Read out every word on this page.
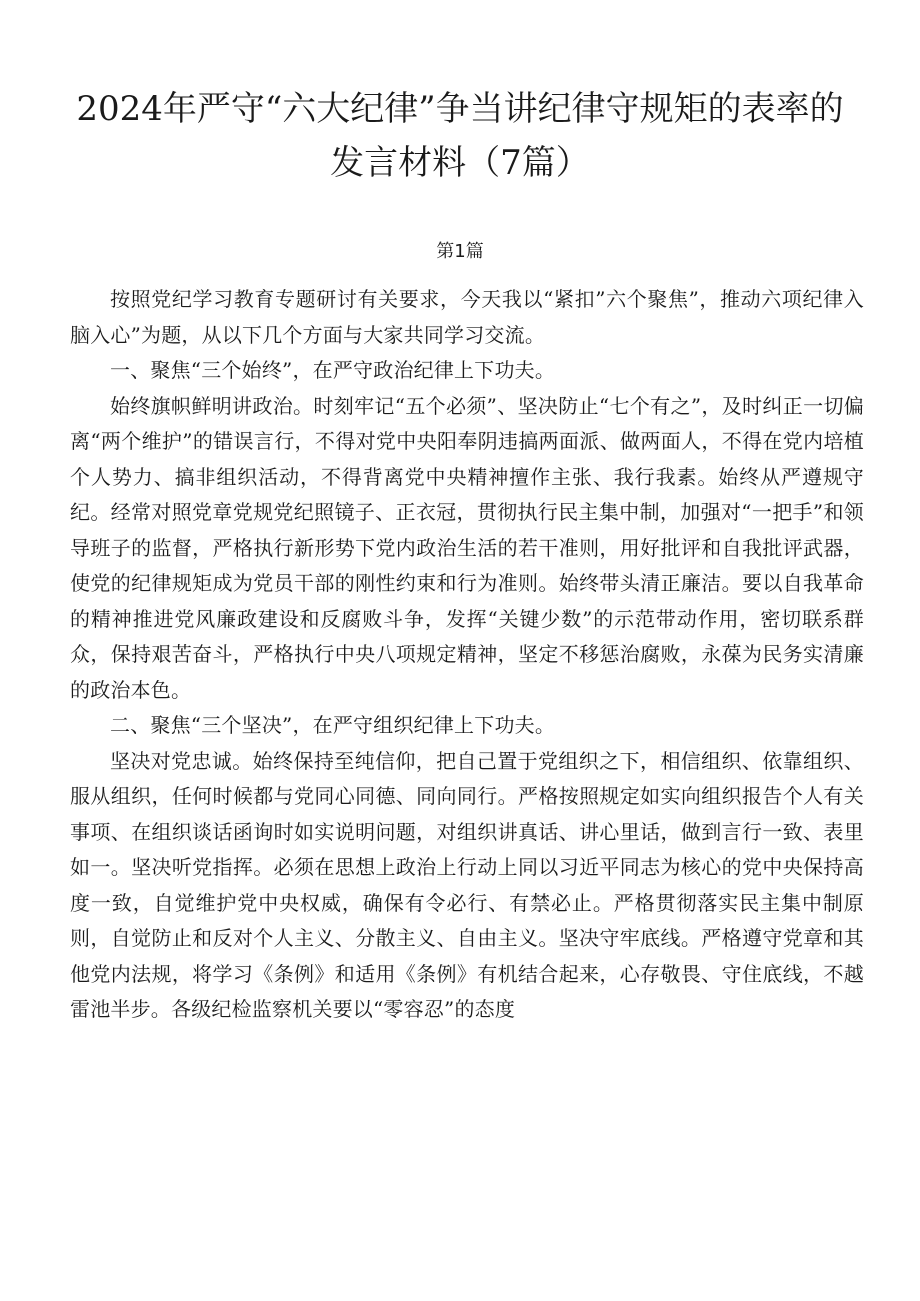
2024年严守“六大纪律”争当讲纪律守规矩的表率的发言材料（7篇）
第1篇

按照党纪学习教育专题研讨有关要求，今天我以“紧扣”六个聚焦”，推动六项纪律入脑入心”为题，从以下几个方面与大家共同学习交流。

一、聚焦“三个始终”，在严守政治纪律上下功夫。

始终旗帜鲜明讲政治。时刻牢记“五个必须”、坚决防止“七个有之”，及时纠正一切偏离“两个维护”的错误言行，不得对党中央阳奉阴违搞两面派、做两面人，不得在党内培植个人势力、搞非组织活动，不得背离党中央精神擅作主张、我行我素。始终从严遵规守纪。经常对照党章党规党纪照镜子、正衣冠，贯彻执行民主集中制，加强对“一把手”和领导班子的监督，严格执行新形势下党内政治生活的若干准则，用好批评和自我批评武器，使党的纪律规矩成为党员干部的刚性约束和行为准则。始终带头清正廉洁。要以自我革命的精神推进党风廉政建设和反腐败斗争，发挥“关键少数”的示范带动作用，密切联系群众，保持艰苦奋斗，严格执行中央八项规定精神，坚定不移惩治腐败，永葆为民务实清廉的政治本色。

二、聚焦“三个坚决”，在严守组织纪律上下功夫。

坚决对党忠诚。始终保持至纯信仰，把自己置于党组织之下，相信组织、依靠组织、服从组织，任何时候都与党同心同德、同向同行。严格按照规定如实向组织报告个人有关事项、在组织谈话函询时如实说明问题，对组织讲真话、讲心里话，做到言行一致、表里如一。坚决听党指挥。必须在思想上政治上行动上同以习近平同志为核心的党中央保持高度一致，自觉维护党中央权威，确保有令必行、有禁必止。严格贯彻落实民主集中制原则，自觉防止和反对个人主义、分散主义、自由主义。坚决守牢底线。严格遵守党章和其他党内法规，将学习《条例》和适用《条例》有机结合起来，心存敬畏、守住底线，不越雷池半步。各级纪检监察机关要以“零容忍”的态度
